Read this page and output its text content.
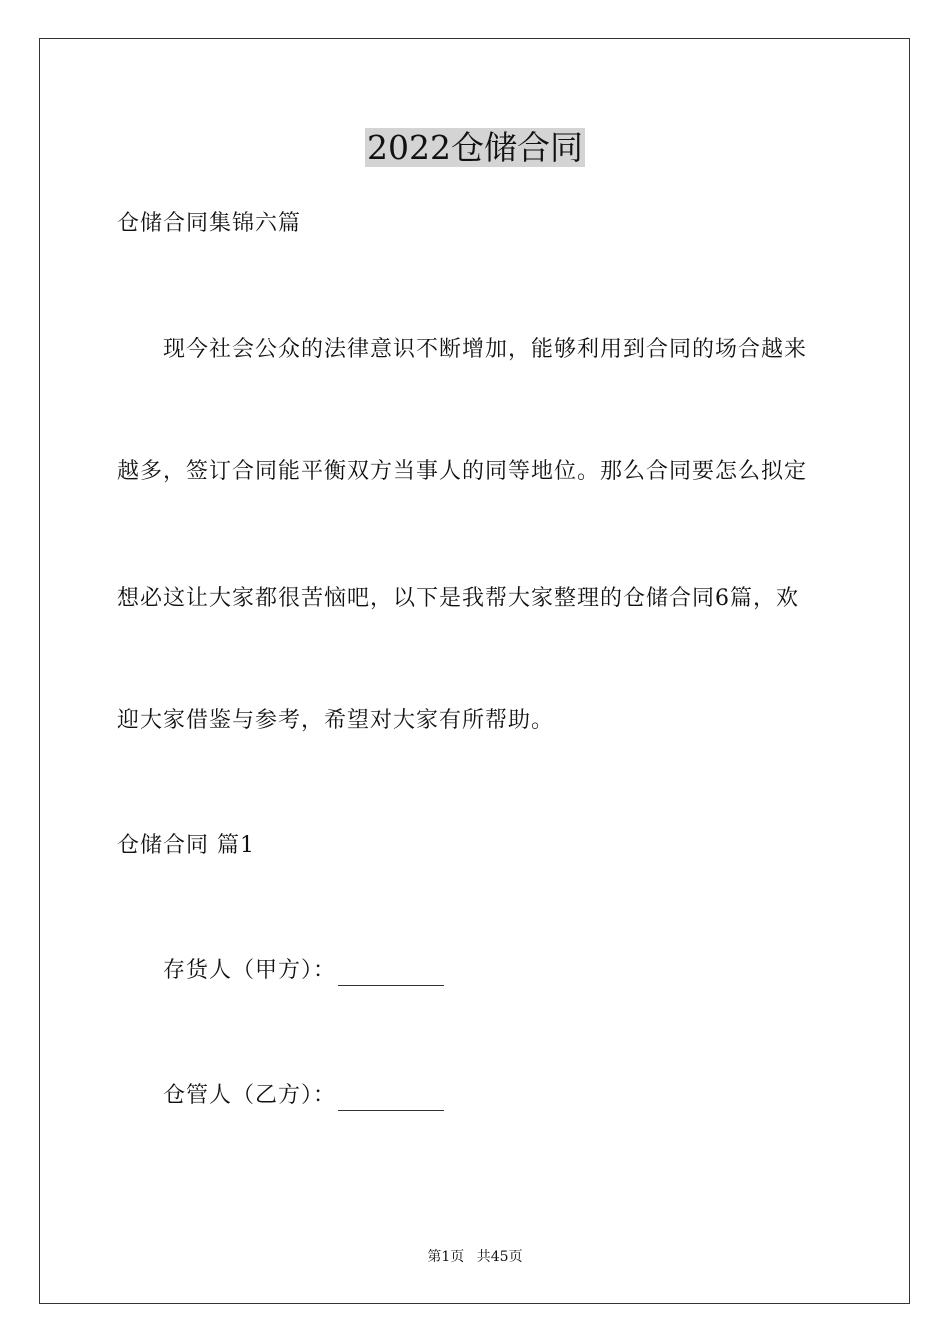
2022仓储合同
仓储合同集锦六篇
现今社会公众的法律意识不断增加，能够利用到合同的场合越来
越多，签订合同能平衡双方当事人的同等地位。那么合同要怎么拟定
想必这让大家都很苦恼吧，以下是我帮大家整理的仓储合同6篇，欢
迎大家借鉴与参考，希望对大家有所帮助。
仓储合同 篇1
存货人（甲方）：
仓管人（乙方）：
第1页 共45页
